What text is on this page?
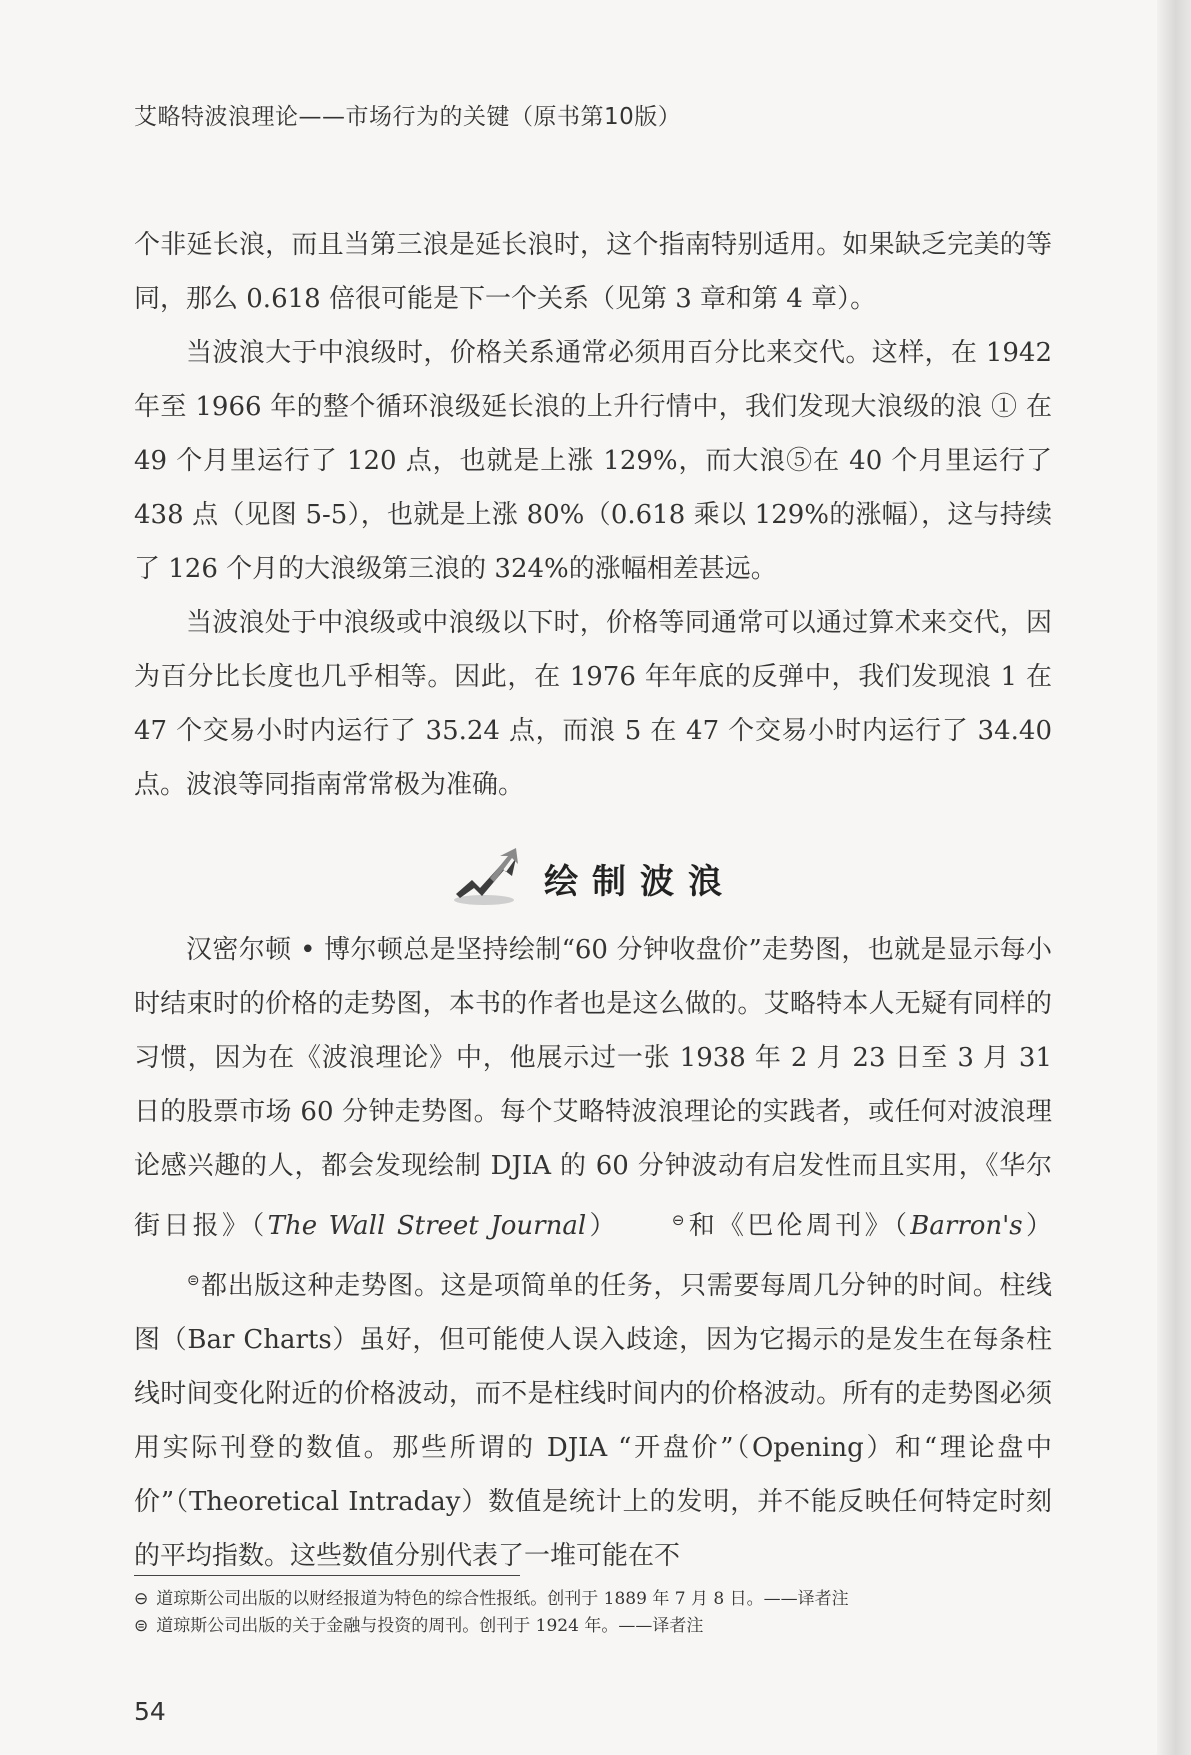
艾略特波浪理论——市场行为的关键（原书第10版）

个非延长浪，而且当第三浪是延长浪时，这个指南特别适用。如果缺乏完美的等同，那么 0.618 倍很可能是下一个关系（见第 3 章和第 4 章）。

当波浪大于中浪级时，价格关系通常必须用百分比来交代。这样，在 1942 年至 1966 年的整个循环浪级延长浪的上升行情中，我们发现大浪级的浪 ① 在 49 个月里运行了 120 点，也就是上涨 129%，而大浪⑤在 40 个月里运行了 438 点（见图 5-5），也就是上涨 80%（0.618 乘以 129%的涨幅），这与持续了 126 个月的大浪级第三浪的 324%的涨幅相差甚远。

当波浪处于中浪级或中浪级以下时，价格等同通常可以通过算术来交代，因为百分比长度也几乎相等。因此，在 1976 年年底的反弹中，我们发现浪 1 在 47 个交易小时内运行了 35.24 点，而浪 5 在 47 个交易小时内运行了 34.40 点。波浪等同指南常常极为准确。

绘制波浪

汉密尔顿 • 博尔顿总是坚持绘制“60 分钟收盘价”走势图，也就是显示每小时结束时的价格的走势图，本书的作者也是这么做的。艾略特本人无疑有同样的习惯，因为在《波浪理论》中，他展示过一张 1938 年 2 月 23 日至 3 月 31 日的股票市场 60 分钟走势图。每个艾略特波浪理论的实践者，或任何对波浪理论感兴趣的人，都会发现绘制 DJIA 的 60 分钟波动有启发性而且实用，《华尔街日报》（The Wall Street Journal）	⊖和《巴伦周刊》（Barron's）⊜都出版这种走势图。这是项简单的任务，只需要每周几分钟的时间。柱线图（Bar Charts）虽好，但可能使人误入歧途，因为它揭示的是发生在每条柱线时间变化附近的价格波动，而不是柱线时间内的价格波动。所有的走势图必须用实际刊登的数值。那些所谓的 DJIA “开盘价”（Opening）和“理论盘中价”（Theoretical Intraday）数值是统计上的发明，并不能反映任何特定时刻的平均指数。这些数值分别代表了一堆可能在不

⊖ 道琼斯公司出版的以财经报道为特色的综合性报纸。创刊于 1889 年 7 月 8 日。——译者注
⊜ 道琼斯公司出版的关于金融与投资的周刊。创刊于 1924 年。——译者注
54
